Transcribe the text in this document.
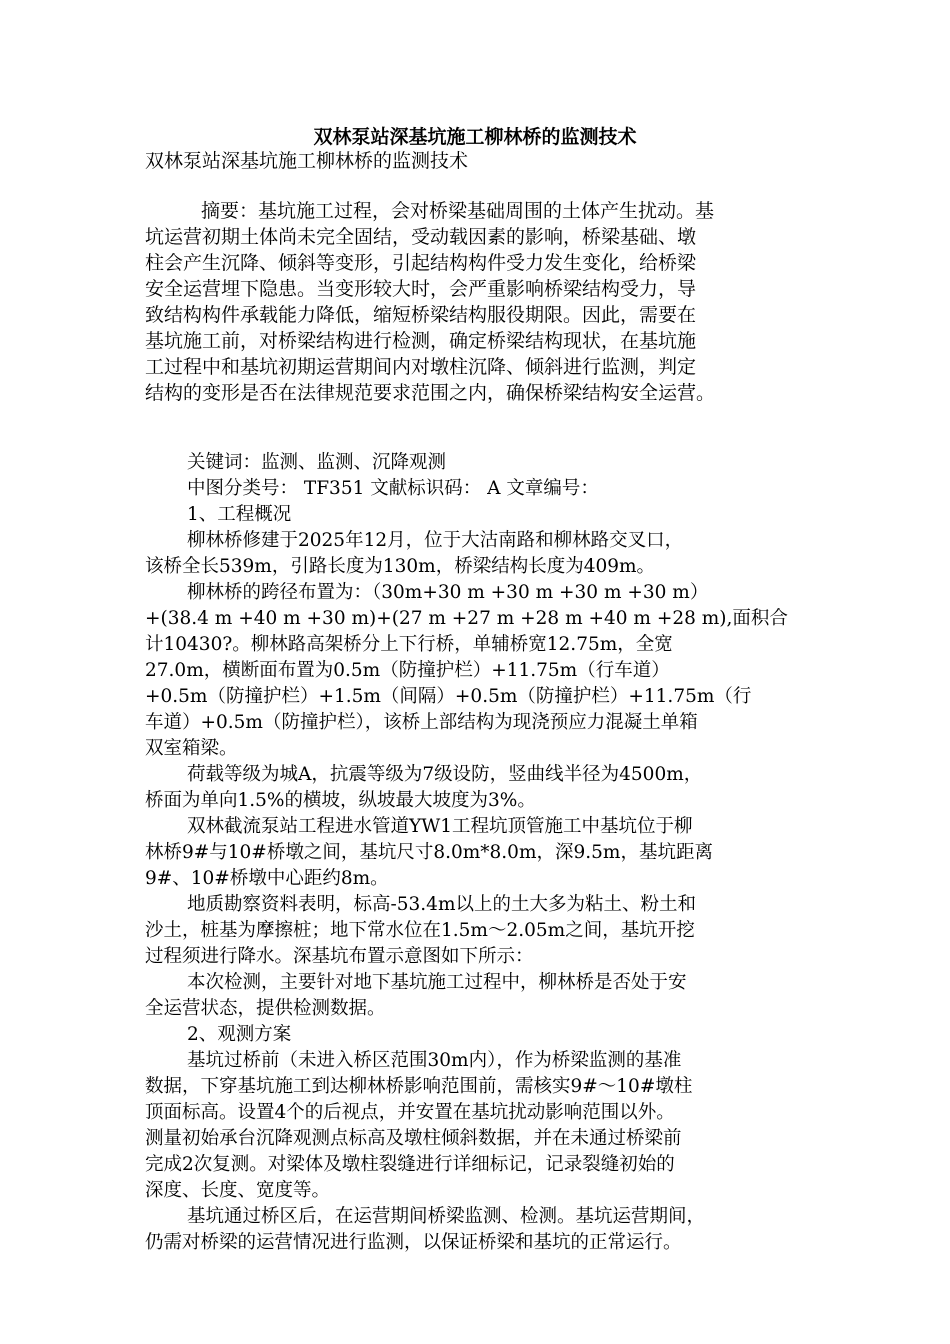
双林泵站深基坑施工柳林桥的监测技术
双林泵站深基坑施工柳林桥的监测技术
摘要：基坑施工过程，会对桥梁基础周围的土体产生扰动。基
坑运营初期土体尚未完全固结，受动载因素的影响，桥梁基础、墩
柱会产生沉降、倾斜等变形，引起结构构件受力发生变化，给桥梁
安全运营埋下隐患。当变形较大时，会严重影响桥梁结构受力，导
致结构构件承载能力降低，缩短桥梁结构服役期限。因此，需要在
基坑施工前，对桥梁结构进行检测，确定桥梁结构现状，在基坑施
工过程中和基坑初期运营期间内对墩柱沉降、倾斜进行监测，判定
结构的变形是否在法律规范要求范围之内，确保桥梁结构安全运营。
关键词：监测、监测、沉降观测
中图分类号： TF351 文献标识码： A 文章编号：
1、工程概况
柳林桥修建于2025年12月，位于大沽南路和柳林路交叉口，
该桥全长539m，引路长度为130m，桥梁结构长度为409m。
柳林桥的跨径布置为：（30m+30 m +30 m +30 m +30 m）
+(38.4 m +40 m +30 m)+(27 m +27 m +28 m +40 m +28 m),面积合
计10430?。柳林路高架桥分上下行桥，单辅桥宽12.75m，全宽
27.0m，横断面布置为0.5m（防撞护栏）+11.75m（行车道）
+0.5m（防撞护栏）+1.5m（间隔）+0.5m（防撞护栏）+11.75m（行
车道）+0.5m（防撞护栏），该桥上部结构为现浇预应力混凝土单箱
双室箱梁。
荷载等级为城A，抗震等级为7级设防，竖曲线半径为4500m，
桥面为单向1.5%的横坡，纵坡最大坡度为3%。
双林截流泵站工程进水管道YW1工程坑顶管施工中基坑位于柳
林桥9#与10#桥墩之间，基坑尺寸8.0m*8.0m，深9.5m，基坑距离
9#、10#桥墩中心距约8m。
地质勘察资料表明，标高-53.4m以上的土大多为粘土、粉土和
沙土，桩基为摩擦桩；地下常水位在1.5m～2.05m之间，基坑开挖
过程须进行降水。深基坑布置示意图如下所示：
本次检测，主要针对地下基坑施工过程中，柳林桥是否处于安
全运营状态，提供检测数据。
2、观测方案
基坑过桥前（未进入桥区范围30m内），作为桥梁监测的基准
数据，下穿基坑施工到达柳林桥影响范围前，需核实9#～10#墩柱
顶面标高。设置4个的后视点，并安置在基坑扰动影响范围以外。
测量初始承台沉降观测点标高及墩柱倾斜数据，并在未通过桥梁前
完成2次复测。对梁体及墩柱裂缝进行详细标记，记录裂缝初始的
深度、长度、宽度等。
基坑通过桥区后，在运营期间桥梁监测、检测。基坑运营期间，
仍需对桥梁的运营情况进行监测，以保证桥梁和基坑的正常运行。
